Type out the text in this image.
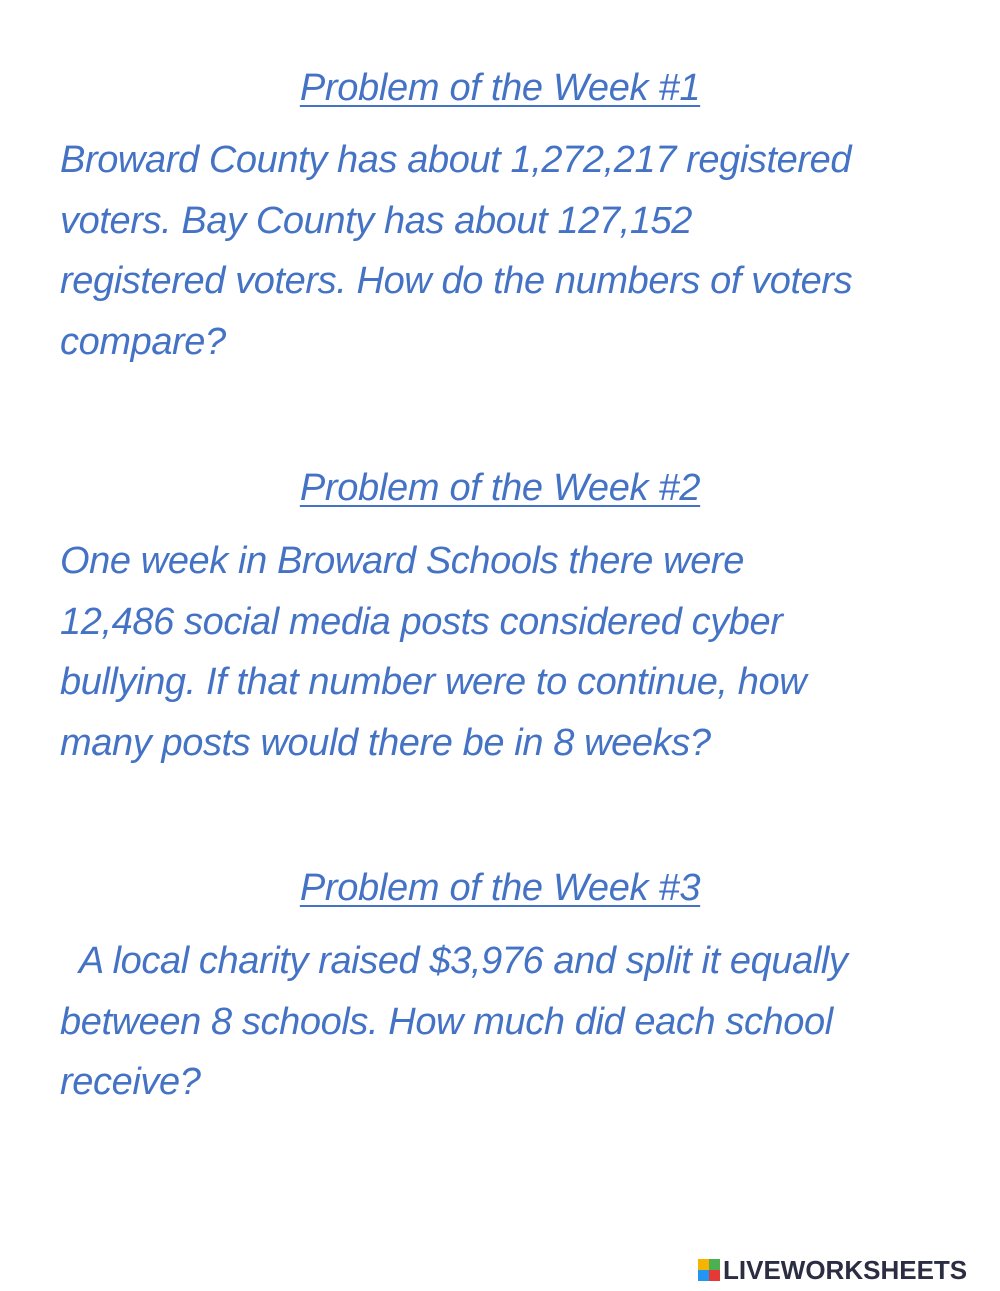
Problem of the Week #1
Broward County has about 1,272,217 registered
voters. Bay County has about 127,152
registered voters. How do the numbers of voters
compare?
Problem of the Week #2
One week in Broward Schools there were
12,486 social media posts considered cyber
bullying. If that number were to continue, how
many posts would there be in 8 weeks?
Problem of the Week #3
A local charity raised $3,976 and split it equally
between 8 schools. How much did each school
receive?
LIVEWORKSHEETS
